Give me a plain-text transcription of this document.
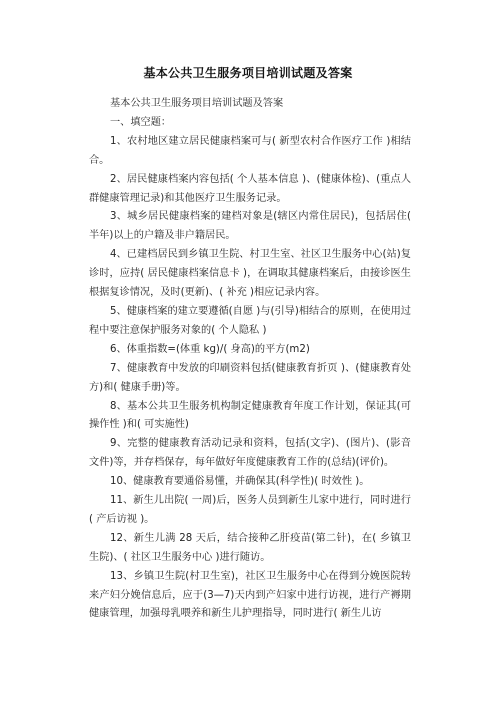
基本公共卫生服务项目培训试题及答案

基本公共卫生服务项目培训试题及答案

一、填空题：

1、农村地区建立居民健康档案可与( 新型农村合作医疗工作 )相结合。

2、居民健康档案内容包括( 个人基本信息 )、(健康体检)、(重点人群健康管理记录)和其他医疗卫生服务记录。

3、城乡居民健康档案的建档对象是(辖区内常住居民)，包括居住( 半年)以上的户籍及非户籍居民。

4、已建档居民到乡镇卫生院、村卫生室、社区卫生服务中心(站)复诊时，应持( 居民健康档案信息卡 )，在调取其健康档案后，由接诊医生根据复诊情况，及时(更新)、( 补充 )相应记录内容。

5、健康档案的建立要遵循(自愿 )与(引导)相结合的原则，在使用过程中要注意保护服务对象的( 个人隐私 )

6、体重指数=(体重 kg)/( 身高)的平方(m2)

7、健康教育中发放的印刷资料包括(健康教育折页 )、(健康教育处方)和( 健康手册)等。

8、基本公共卫生服务机构制定健康教育年度工作计划，保证其(可操作性 )和( 可实施性)

9、完整的健康教育活动记录和资料，包括(文字)、(图片)、(影音文件)等，并存档保存，每年做好年度健康教育工作的(总结)(评价)。

10、健康教育要通俗易懂，并确保其(科学性)( 时效性 )。

11、新生儿出院( 一周)后，医务人员到新生儿家中进行，同时进行( 产后访视 )。

12、新生儿满 28 天后，结合接种乙肝疫苗(第二针)，在( 乡镇卫生院)、( 社区卫生服务中心 )进行随访。

13、乡镇卫生院(村卫生室)，社区卫生服务中心在得到分娩医院转来产妇分娩信息后，应于(3—7)天内到产妇家中进行访视，进行产褥期健康管理，加强母乳喂养和新生儿护理指导，同时进行( 新生儿访
